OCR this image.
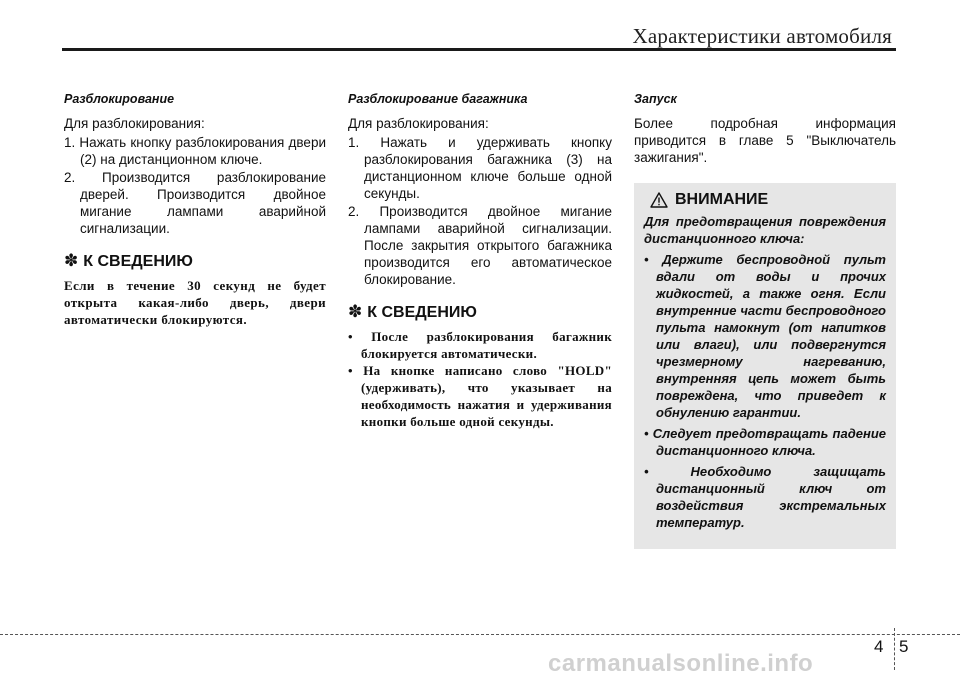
Характеристики автомобиля

Разблокирование

Для разблокирования:

1. Нажать кнопку разблокирования двери (2) на дистанционном ключе.
2. Производится разблокирование дверей. Производится двойное мигание лампами аварийной сигнализации.
✽ К СВЕДЕНИЮ

Если в течение 30 секунд не будет открыта какая-либо дверь, двери автоматически блокируются.

Разблокирование багажника

Для разблокирования:

1. Нажать и удерживать кнопку разблокирования багажника (3) на дистанционном ключе больше одной секунды.
2. Производится двойное мигание лампами аварийной сигнализации. После закрытия открытого багажника производится его автоматическое блокирование.
✽ К СВЕДЕНИЮ
• После разблокирования багажник блокируется автоматически.
• На кнопке написано слово "HOLD" (удерживать), что указывает на необходимость нажатия и удерживания кнопки больше одной секунды.

Запуск

Более подробная информация приводится в главе 5 "Выключатель зажигания".

ВНИМАНИЕ

Для предотвращения повреждения дистанционного ключа:

• Держите беспроводной пульт вдали от воды и прочих жидкостей, а также огня. Если внутренние части беспроводного пульта намокнут (от напитков или влаги), или подвергнутся чрезмерному нагреванию, внутренняя цепь может быть повреждена, что приведет к обнулению гарантии.
• Следует предотвращать падение дистанционного ключа.
• Необходимо защищать дистанционный ключ от воздействия экстремальных температур.
4 5
carmanualsonline.info
